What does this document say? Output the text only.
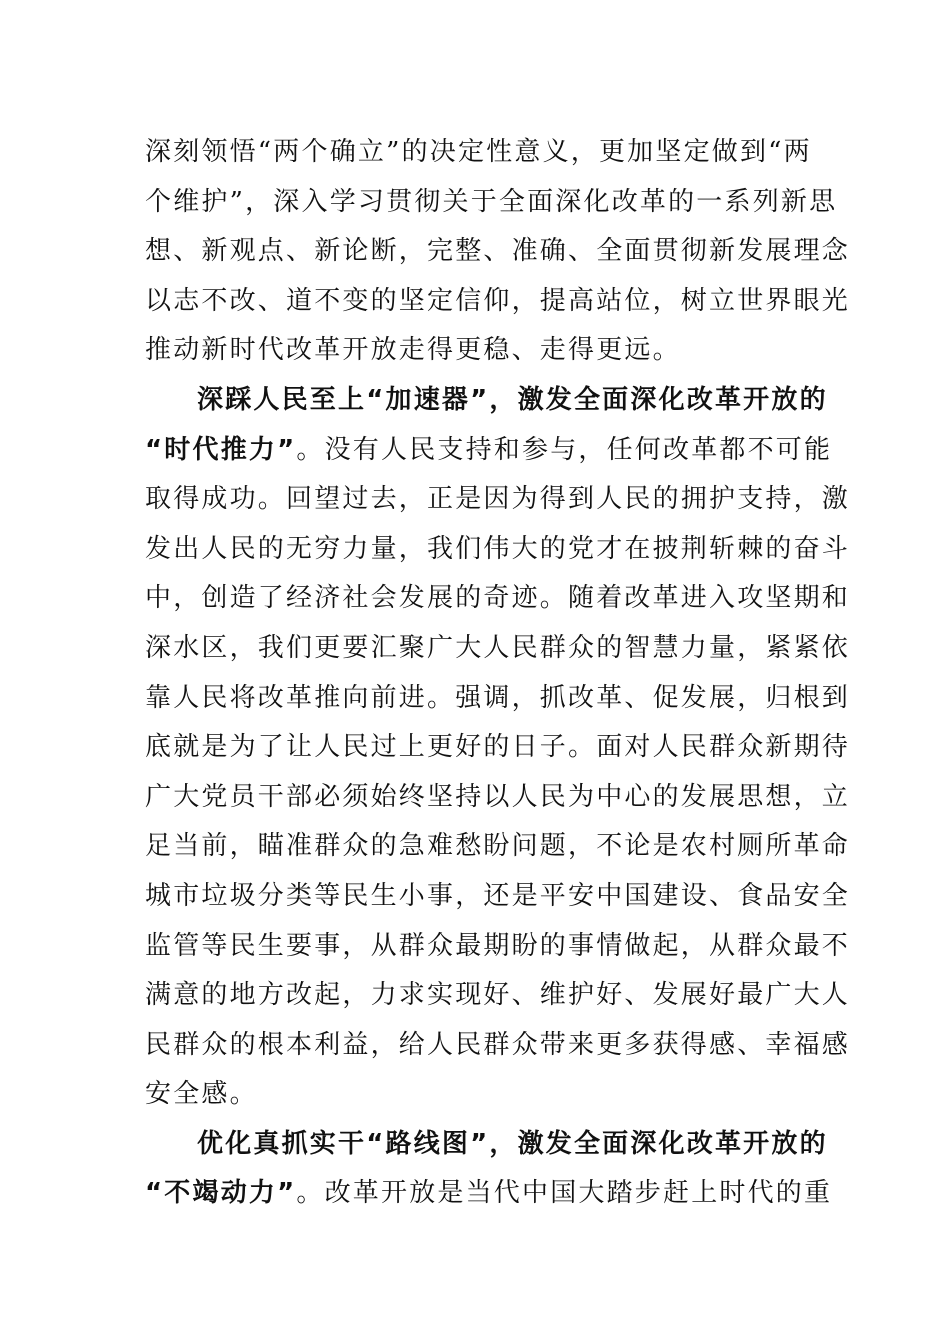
深刻领悟“两个确立”的决定性意义，更加坚定做到“两
个维护”，深入学习贯彻关于全面深化改革的一系列新思
想、新观点、新论断，完整、准确、全面贯彻新发展理念
以志不改、道不变的坚定信仰，提高站位，树立世界眼光
推动新时代改革开放走得更稳、走得更远。
深踩人民至上“加速器”，激发全面深化改革开放的
“时代推力”。没有人民支持和参与，任何改革都不可能
取得成功。回望过去，正是因为得到人民的拥护支持，激
发出人民的无穷力量，我们伟大的党才在披荆斩棘的奋斗
中，创造了经济社会发展的奇迹。随着改革进入攻坚期和
深水区，我们更要汇聚广大人民群众的智慧力量，紧紧依
靠人民将改革推向前进。强调，抓改革、促发展，归根到
底就是为了让人民过上更好的日子。面对人民群众新期待
广大党员干部必须始终坚持以人民为中心的发展思想，立
足当前，瞄准群众的急难愁盼问题，不论是农村厕所革命
城市垃圾分类等民生小事，还是平安中国建设、食品安全
监管等民生要事，从群众最期盼的事情做起，从群众最不
满意的地方改起，力求实现好、维护好、发展好最广大人
民群众的根本利益，给人民群众带来更多获得感、幸福感
安全感。
优化真抓实干“路线图”，激发全面深化改革开放的
“不竭动力”。改革开放是当代中国大踏步赶上时代的重
